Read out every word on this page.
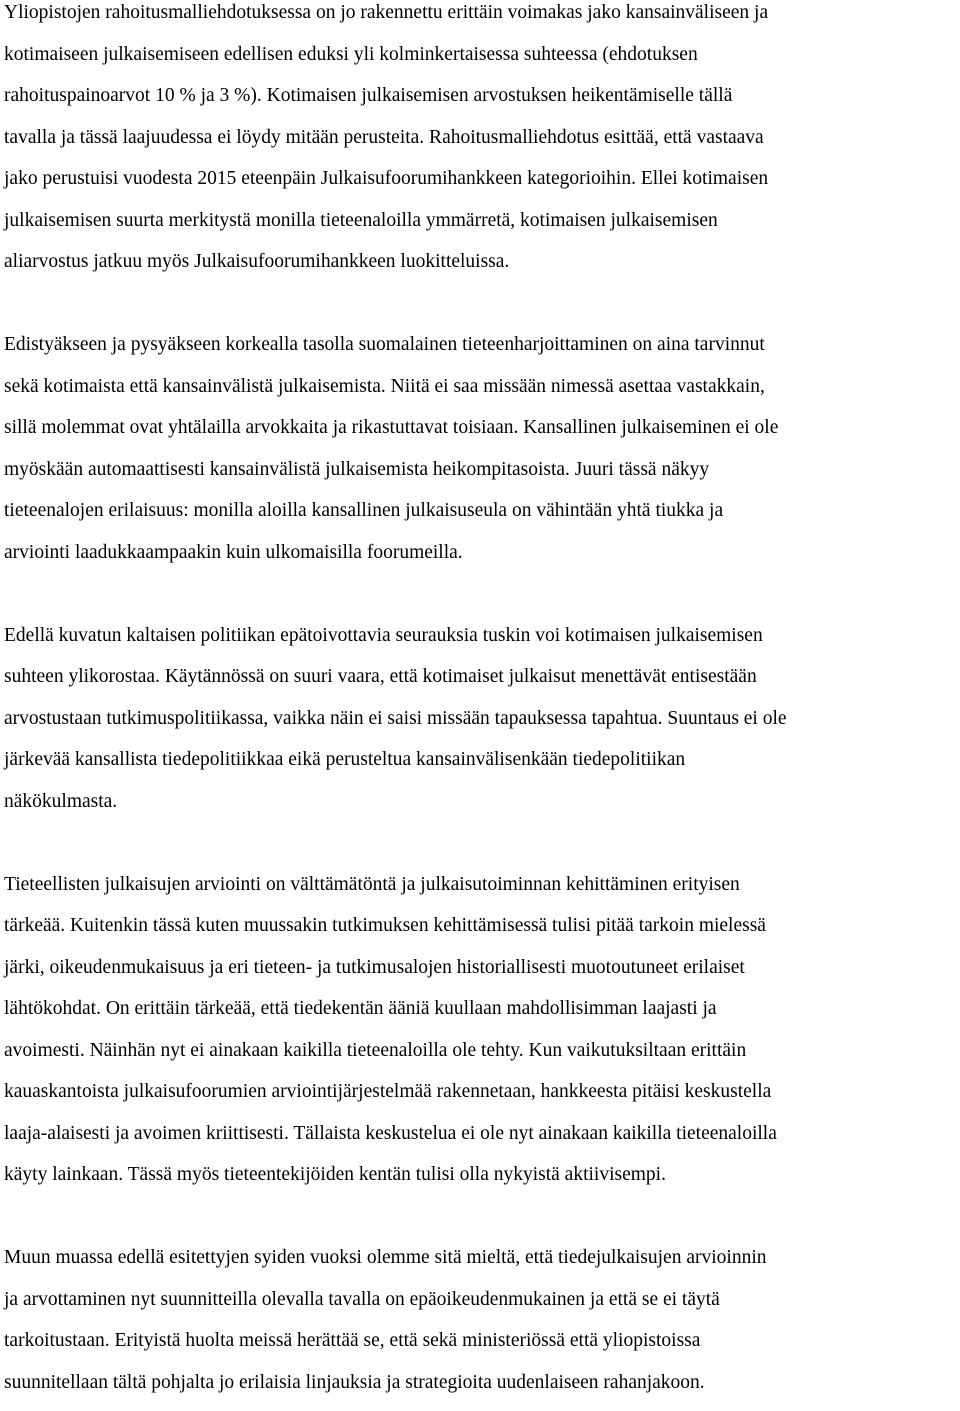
Yliopistojen rahoitusmalliehdotuksessa on jo rakennettu erittäin voimakas jako kansainväliseen ja
kotimaiseen julkaisemiseen edellisen eduksi yli kolminkertaisessa suhteessa (ehdotuksen
rahoituspainoarvot 10 % ja 3 %). Kotimaisen julkaisemisen arvostuksen heikentämiselle tällä
tavalla ja tässä laajuudessa ei löydy mitään perusteita. Rahoitusmalliehdotus esittää, että vastaava
jako perustuisi vuodesta 2015 eteenpäin Julkaisufoorumihankkeen kategorioihin. Ellei kotimaisen
julkaisemisen suurta merkitystä monilla tieteenaloilla ymmärretä, kotimaisen julkaisemisen
aliarvostus jatkuu myös Julkaisufoorumihankkeen luokitteluissa.

Edistyäkseen ja pysyäkseen korkealla tasolla suomalainen tieteenharjoittaminen on aina tarvinnut
sekä kotimaista että kansainvälistä julkaisemista. Niitä ei saa missään nimessä asettaa vastakkain,
sillä molemmat ovat yhtälailla arvokkaita ja rikastuttavat toisiaan. Kansallinen julkaiseminen ei ole
myöskään automaattisesti kansainvälistä julkaisemista heikompitasoista. Juuri tässä näkyy
tieteenalojen erilaisuus: monilla aloilla kansallinen julkaisuseula on vähintään yhtä tiukka ja
arviointi laadukkaampaakin kuin ulkomaisilla foorumeilla.

Edellä kuvatun kaltaisen politiikan epätoivottavia seurauksia tuskin voi kotimaisen julkaisemisen
suhteen ylikorostaa. Käytännössä on suuri vaara, että kotimaiset julkaisut menettävät entisestään
arvostustaan tutkimuspolitiikassa, vaikka näin ei saisi missään tapauksessa tapahtua. Suuntaus ei ole
järkevää kansallista tiedepolitiikkaa eikä perusteltua kansainvälisenkään tiedepolitiikan
näkökulmasta.

Tieteellisten julkaisujen arviointi on välttämätöntä ja julkaisutoiminnan kehittäminen erityisen
tärkeää. Kuitenkin tässä kuten muussakin tutkimuksen kehittämisessä tulisi pitää tarkoin mielessä
järki, oikeudenmukaisuus ja eri tieteen- ja tutkimusalojen historiallisesti muotoutuneet erilaiset
lähtökohdat. On erittäin tärkeää, että tiedekentän ääniä kuullaan mahdollisimman laajasti ja
avoimesti. Näinhän nyt ei ainakaan kaikilla tieteenaloilla ole tehty. Kun vaikutuksiltaan erittäin
kauaskantoista julkaisufoorumien arviointijärjestelmää rakennetaan, hankkeesta pitäisi keskustella
laaja-alaisesti ja avoimen kriittisesti. Tällaista keskustelua ei ole nyt ainakaan kaikilla tieteenaloilla
käyty lainkaan. Tässä myös tieteentekijöiden kentän tulisi olla nykyistä aktiivisempi.

Muun muassa edellä esitettyjen syiden vuoksi olemme sitä mieltä, että tiedejulkaisujen arvioinnin
ja arvottaminen nyt suunnitteilla olevalla tavalla on epäoikeudenmukainen ja että se ei täytä
tarkoitustaan. Erityistä huolta meissä herättää se, että sekä ministeriössä että yliopistoissa
suunnitellaan tältä pohjalta jo erilaisia linjauksia ja strategioita uudenlaiseen rahanjakoon.
